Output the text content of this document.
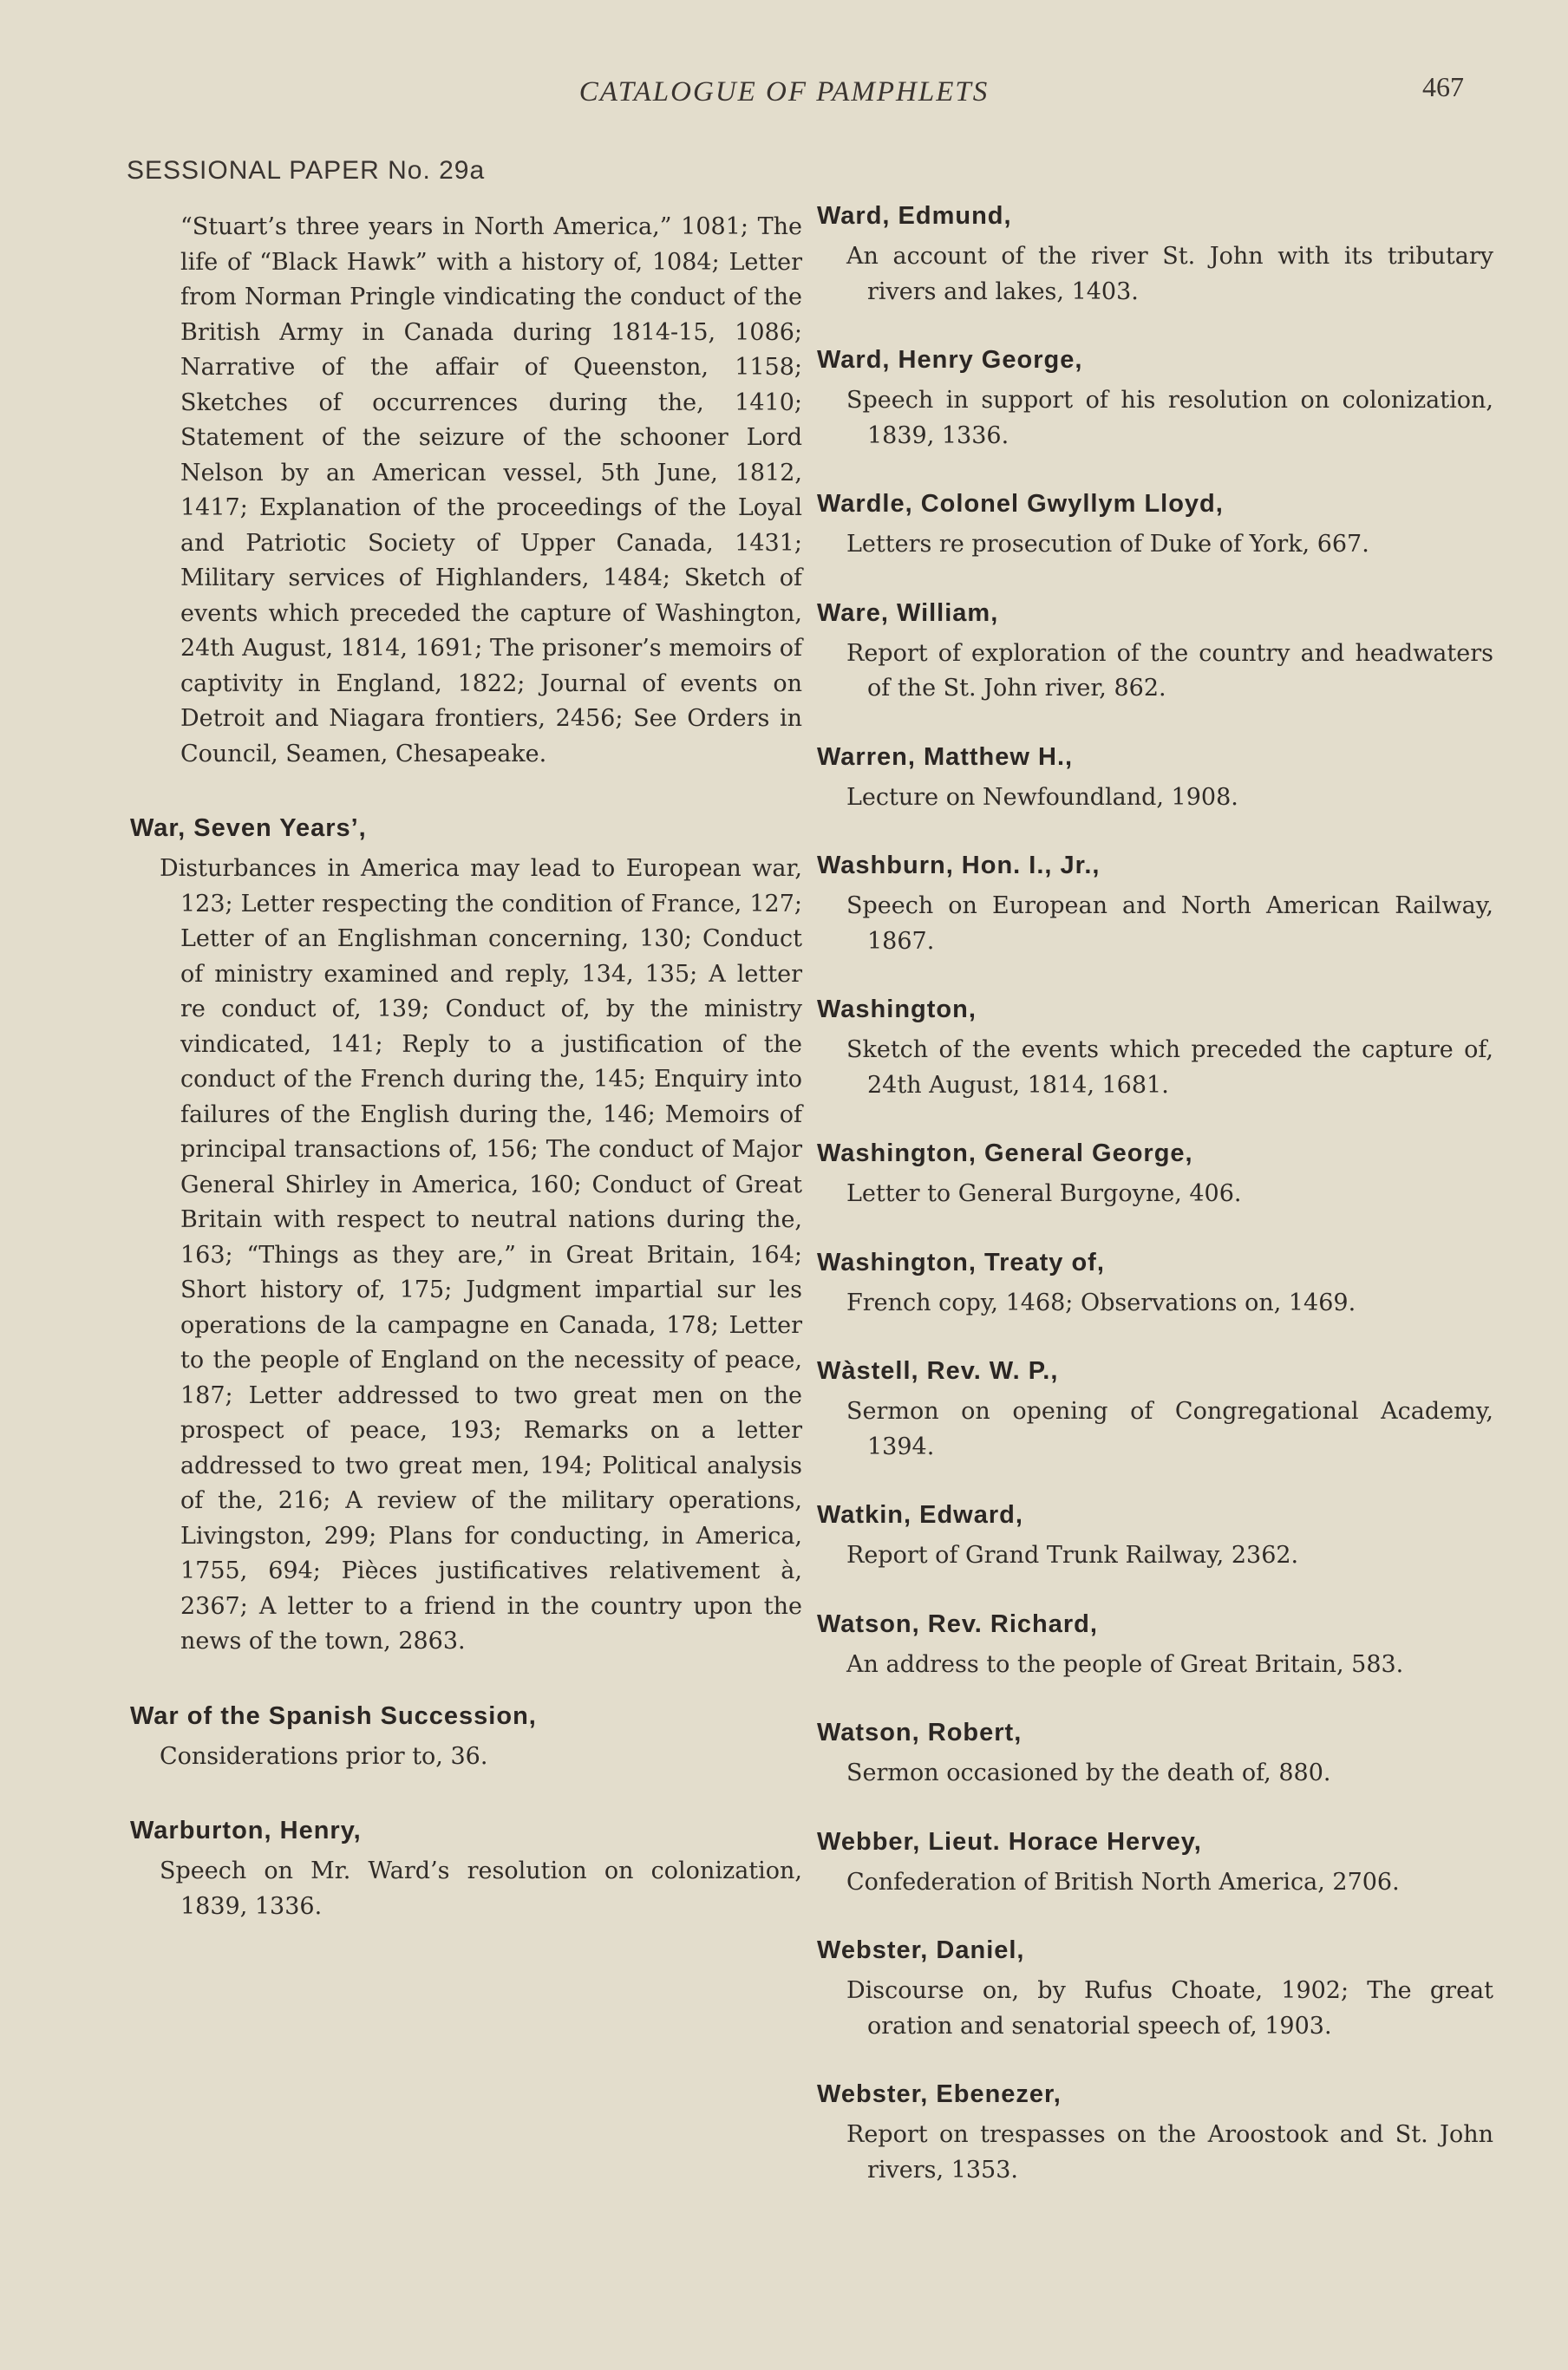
CATALOGUE OF PAMPHLETS	467
SESSIONAL PAPER No. 29a
“Stuart’s three years in North America,” 1081; The life of “Black Hawk” with a history of, 1084; Letter from Norman Pringle vindicating the conduct of the British Army in Canada during 1814-15, 1086; Narrative of the affair of Queenston, 1158; Sketches of occurrences during the, 1410; Statement of the seizure of the schooner Lord Nelson by an American vessel, 5th June, 1812, 1417; Explanation of the proceedings of the Loyal and Patriotic Society of Upper Canada, 1431; Military services of Highlanders, 1484; Sketch of events which preceded the capture of Washington, 24th August, 1814, 1691; The prisoner’s memoirs of captivity in England, 1822; Journal of events on Detroit and Niagara frontiers, 2456; See Orders in Council, Seamen, Chesapeake.
War, Seven Years’,
Disturbances in America may lead to European war, 123; Letter respecting the condition of France, 127; Letter of an Englishman concerning, 130; Conduct of ministry examined and reply, 134, 135; A letter re conduct of, 139; Conduct of, by the ministry vindicated, 141; Reply to a justification of the conduct of the French during the, 145; Enquiry into failures of the English during the, 146; Memoirs of principal transactions of, 156; The conduct of Major General Shirley in America, 160; Conduct of Great Britain with respect to neutral nations during the, 163; “Things as they are,” in Great Britain, 164; Short history of, 175; Judgment impartial sur les operations de la campagne en Canada, 178; Letter to the people of England on the necessity of peace, 187; Letter addressed to two great men on the prospect of peace, 193; Remarks on a letter addressed to two great men, 194; Political analysis of the, 216; A review of the military operations, Livingston, 299; Plans for conducting, in America, 1755, 694; Pièces justificatives relativement à, 2367; A letter to a friend in the country upon the news of the town, 2863.
War of the Spanish Succession,
Considerations prior to, 36.
Warburton, Henry,
Speech on Mr. Ward’s resolution on colonization, 1839, 1336.
Ward, Edmund,
An account of the river St. John with its tributary rivers and lakes, 1403.
Ward, Henry George,
Speech in support of his resolution on colonization, 1839, 1336.
Wardle, Colonel Gwyllym Lloyd,
Letters re prosecution of Duke of York, 667.
Ware, William,
Report of exploration of the country and headwaters of the St. John river, 862.
Warren, Matthew H.,
Lecture on Newfoundland, 1908.
Washburn, Hon. I., Jr.,
Speech on European and North American Railway, 1867.
Washington,
Sketch of the events which preceded the capture of, 24th August, 1814, 1681.
Washington, General George,
Letter to General Burgoyne, 406.
Washington, Treaty of,
French copy, 1468; Observations on, 1469.
Wàstell, Rev. W. P.,
Sermon on opening of Congregational Academy, 1394.
Watkin, Edward,
Report of Grand Trunk Railway, 2362.
Watson, Rev. Richard,
An address to the people of Great Britain, 583.
Watson, Robert,
Sermon occasioned by the death of, 880.
Webber, Lieut. Horace Hervey,
Confederation of British North America, 2706.
Webster, Daniel,
Discourse on, by Rufus Choate, 1902; The great oration and senatorial speech of, 1903.
Webster, Ebenezer,
Report on trespasses on the Aroostook and St. John rivers, 1353.
